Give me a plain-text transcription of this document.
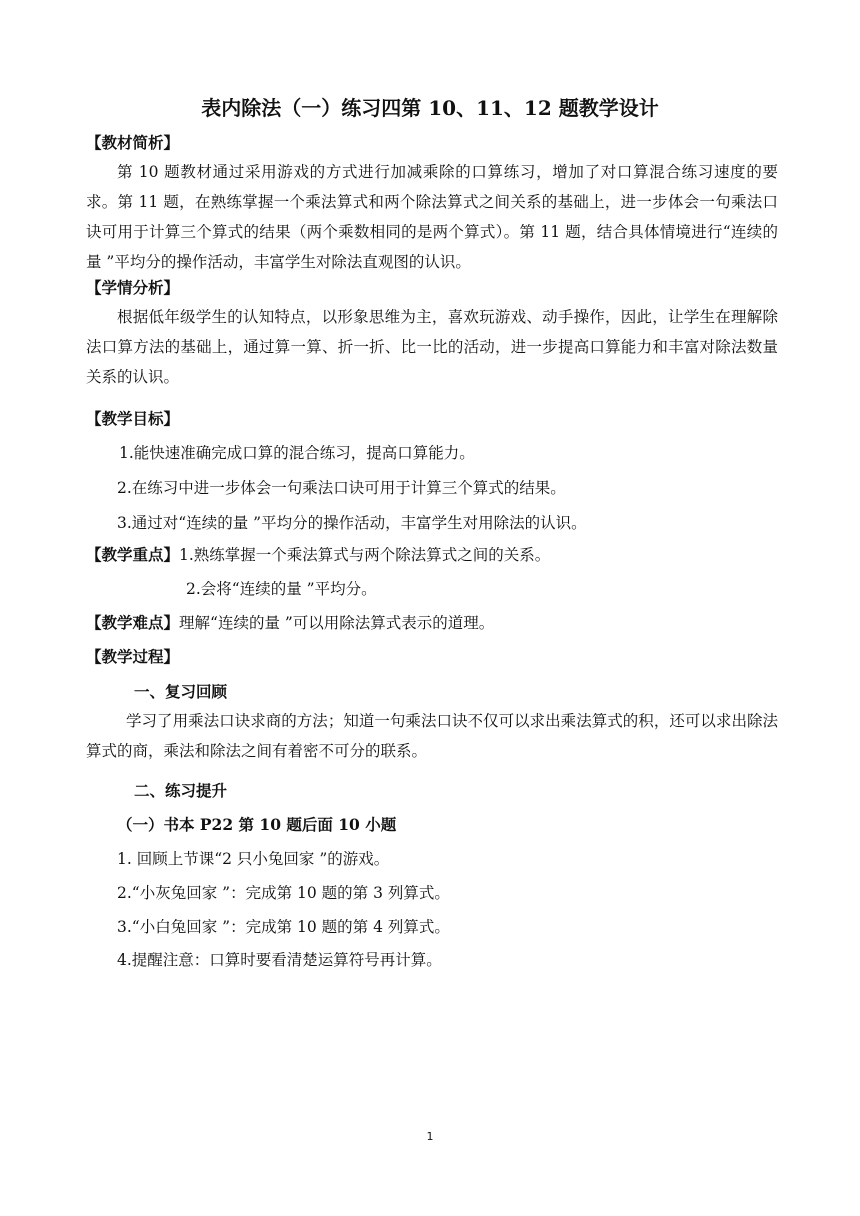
表内除法（一）练习四第 10、11、12 题教学设计
【教材简析】
第 10 题教材通过采用游戏的方式进行加减乘除的口算练习，增加了对口算混合练习速度的要求。第 11 题，在熟练掌握一个乘法算式和两个除法算式之间关系的基础上，进一步体会一句乘法口诀可用于计算三个算式的结果（两个乘数相同的是两个算式）。第 11 题，结合具体情境进行“连续的量 ”平均分的操作活动，丰富学生对除法直观图的认识。
【学情分析】
根据低年级学生的认知特点，以形象思维为主，喜欢玩游戏、动手操作，因此，让学生在理解除法口算方法的基础上，通过算一算、折一折、比一比的活动，进一步提高口算能力和丰富对除法数量关系的认识。
【教学目标】
1.能快速准确完成口算的混合练习，提高口算能力。
2.在练习中进一步体会一句乘法口诀可用于计算三个算式的结果。
3.通过对“连续的量 ”平均分的操作活动，丰富学生对用除法的认识。
【教学重点】1.熟练掌握一个乘法算式与两个除法算式之间的关系。
2.会将“连续的量 ”平均分。
【教学难点】理解“连续的量 ”可以用除法算式表示的道理。
【教学过程】
一、复习回顾
学习了用乘法口诀求商的方法；知道一句乘法口诀不仅可以求出乘法算式的积，还可以求出除法算式的商，乘法和除法之间有着密不可分的联系。
二、练习提升
（一）书本 P22 第 10 题后面 10 小题
1. 回顾上节课“2 只小兔回家 ”的游戏。
2.“小灰兔回家 ”：完成第 10 题的第 3 列算式。
3.“小白兔回家 ”：完成第 10 题的第 4 列算式。
4.提醒注意：口算时要看清楚运算符号再计算。
1
